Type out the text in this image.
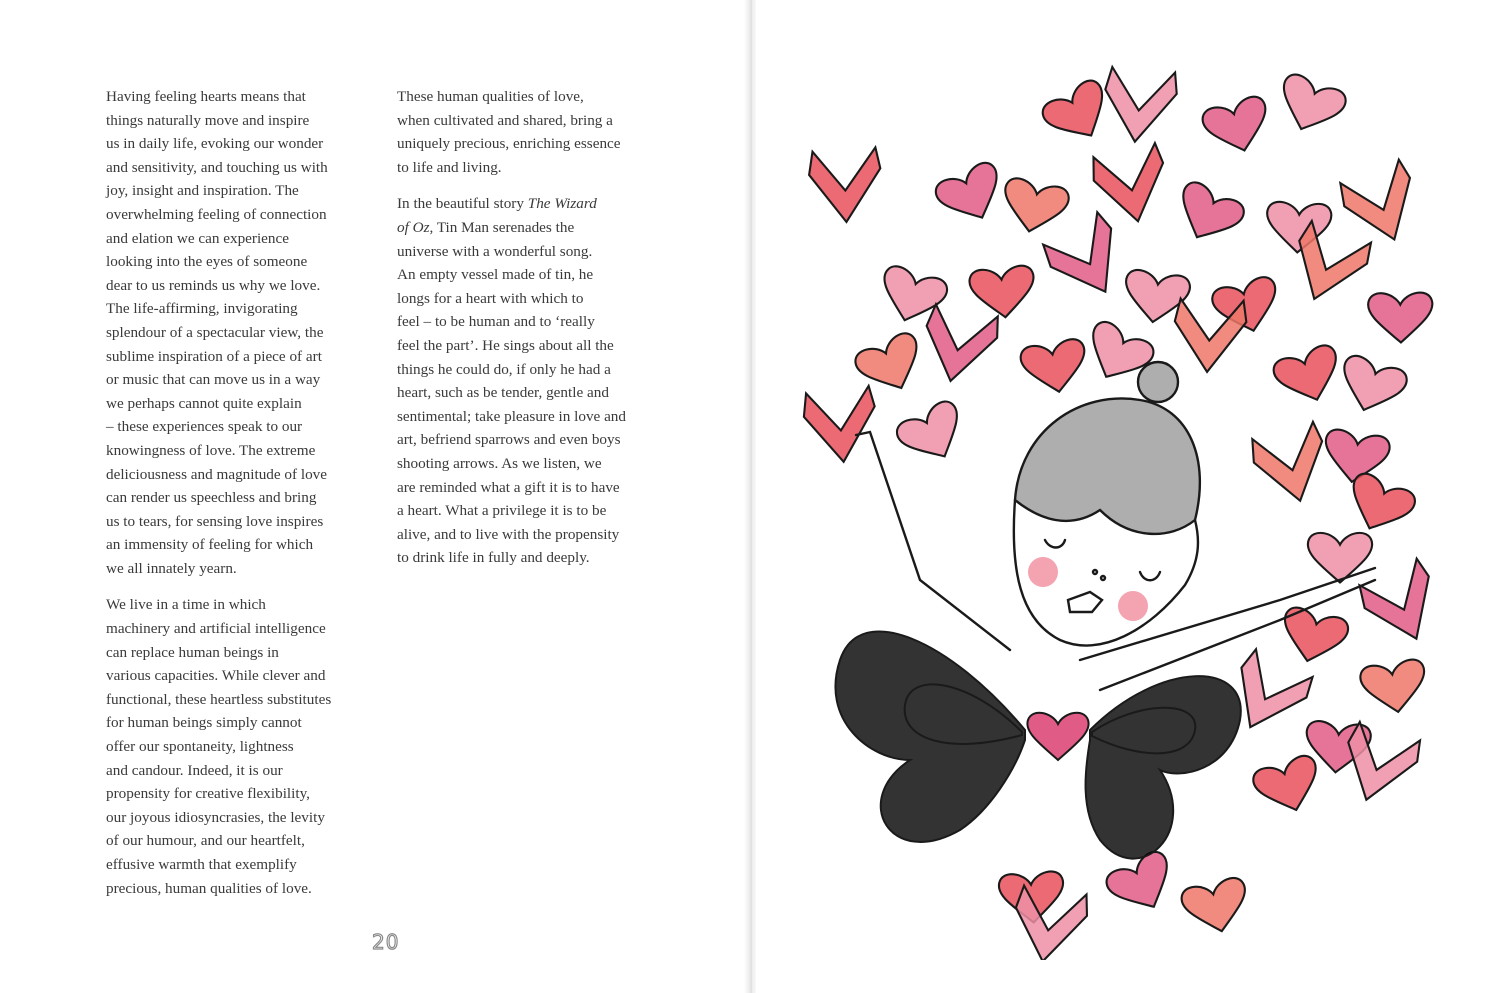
Having feeling hearts means that
things naturally move and inspire
us in daily life, evoking our wonder
and sensitivity, and touching us with
joy, insight and inspiration. The
overwhelming feeling of connection
and elation we can experience
looking into the eyes of someone
dear to us reminds us why we love.
The life-affirming, invigorating
splendour of a spectacular view, the
sublime inspiration of a piece of art
or music that can move us in a way
we perhaps cannot quite explain
– these experiences speak to our
knowingness of love. The extreme
deliciousness and magnitude of love
can render us speechless and bring
us to tears, for sensing love inspires
an immensity of feeling for which
we all innately yearn.

We live in a time in which
machinery and artificial intelligence
can replace human beings in
various capacities. While clever and
functional, these heartless substitutes
for human beings simply cannot
offer our spontaneity, lightness
and candour. Indeed, it is our
propensity for creative flexibility,
our joyous idiosyncrasies, the levity
of our humour, and our heartfelt,
effusive warmth that exemplify
precious, human qualities of love.

These human qualities of love,
when cultivated and shared, bring a
uniquely precious, enriching essence
to life and living.

In the beautiful story The Wizard
of Oz, Tin Man serenades the
universe with a wonderful song.
An empty vessel made of tin, he
longs for a heart with which to
feel – to be human and to ‘really
feel the part’. He sings about all the
things he could do, if only he had a
heart, such as be tender, gentle and
sentimental; take pleasure in love and
art, befriend sparrows and even boys
shooting arrows. As we listen, we
are reminded what a gift it is to have
a heart. What a privilege it is to be
alive, and to live with the propensity
to drink life in fully and deeply.

20
